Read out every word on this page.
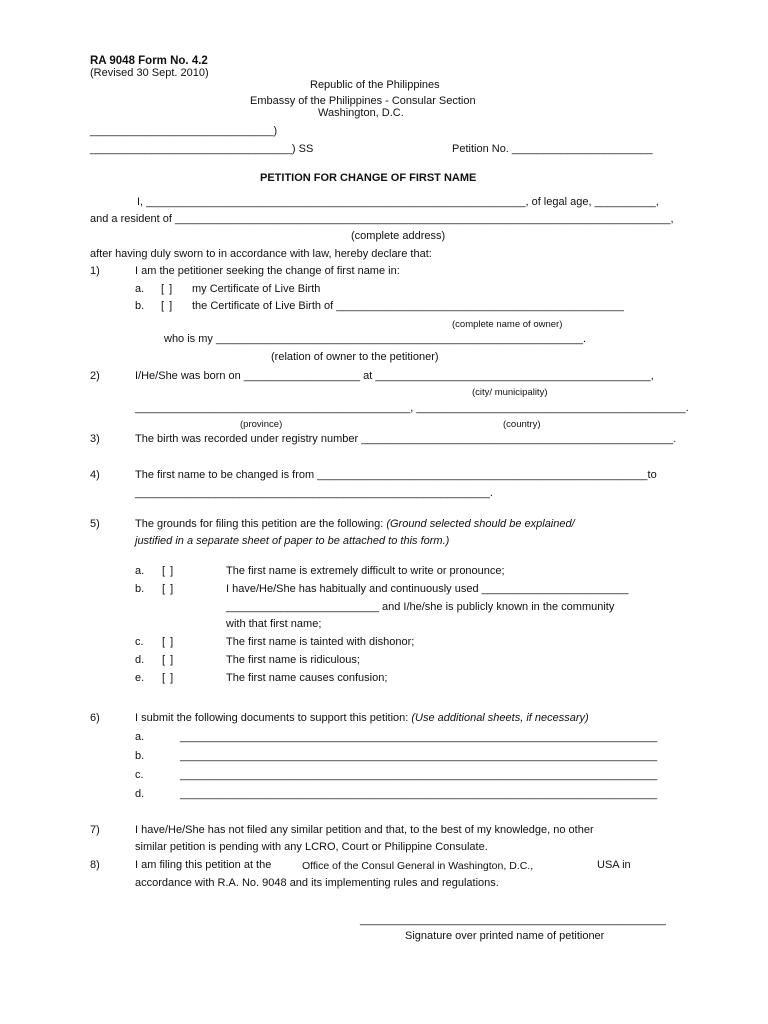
RA 9048 Form No. 4.2
(Revised 30 Sept. 2010)
Republic of the Philippines
Embassy of the Philippines - Consular Section
Washington, D.C.
______________________________)
_________________________________) SS	Petition No. _______________________
PETITION FOR CHANGE OF FIRST NAME
I, ______________________________________________________________, of legal age, __________,
and a resident of _________________________________________________________________________________,
(complete address)
after having duly sworn to in accordance with law, hereby declare that:
1)	I am the petitioner seeking the change of first name in:
a. [ ] my Certificate of Live Birth
b. [ ] the Certificate of Live Birth of _______________________________________________
(complete name of owner)
who is my ____________________________________________________________.
(relation of owner to the petitioner)
2)	I/He/She was born on ___________________ at _____________________________________________,
(city/ municipality)
_____________________________________________, ____________________________________________.
(province)	(country)
3)	The birth was recorded under registry number ___________________________________________________.
4)	The first name to be changed is from ______________________________________________________to
__________________________________________________________.
5)	The grounds for filing this petition are the following: (Ground selected should be explained/
justified in a separate sheet of paper to be attached to this form.)
a. [ ]	The first name is extremely difficult to write or pronounce;
b. [ ]	I have/He/She has habitually and continuously used ________________________
c. [ ]	The first name is tainted with dishonor;
d. [ ]	The first name is ridiculous;
e. [ ]	The first name causes confusion;
_________________________ and I/he/she is publicly known in the community
with that first name;
6)	I submit the following documents to support this petition: (Use additional sheets, if necessary)
a.	______________________________________________________________________________
b.	______________________________________________________________________________
c.	______________________________________________________________________________
d.	______________________________________________________________________________
7)	I have/He/She has not filed any similar petition and that, to the best of my knowledge, no other
similar petition is pending with any LCRO, Court or Philippine Consulate.
8)	I am filing this petition at the	Office of the Consul General in Washington, D.C.,	USA in
accordance with R.A. No. 9048 and its implementing rules and regulations.
__________________________________________________
Signature over printed name of petitioner
